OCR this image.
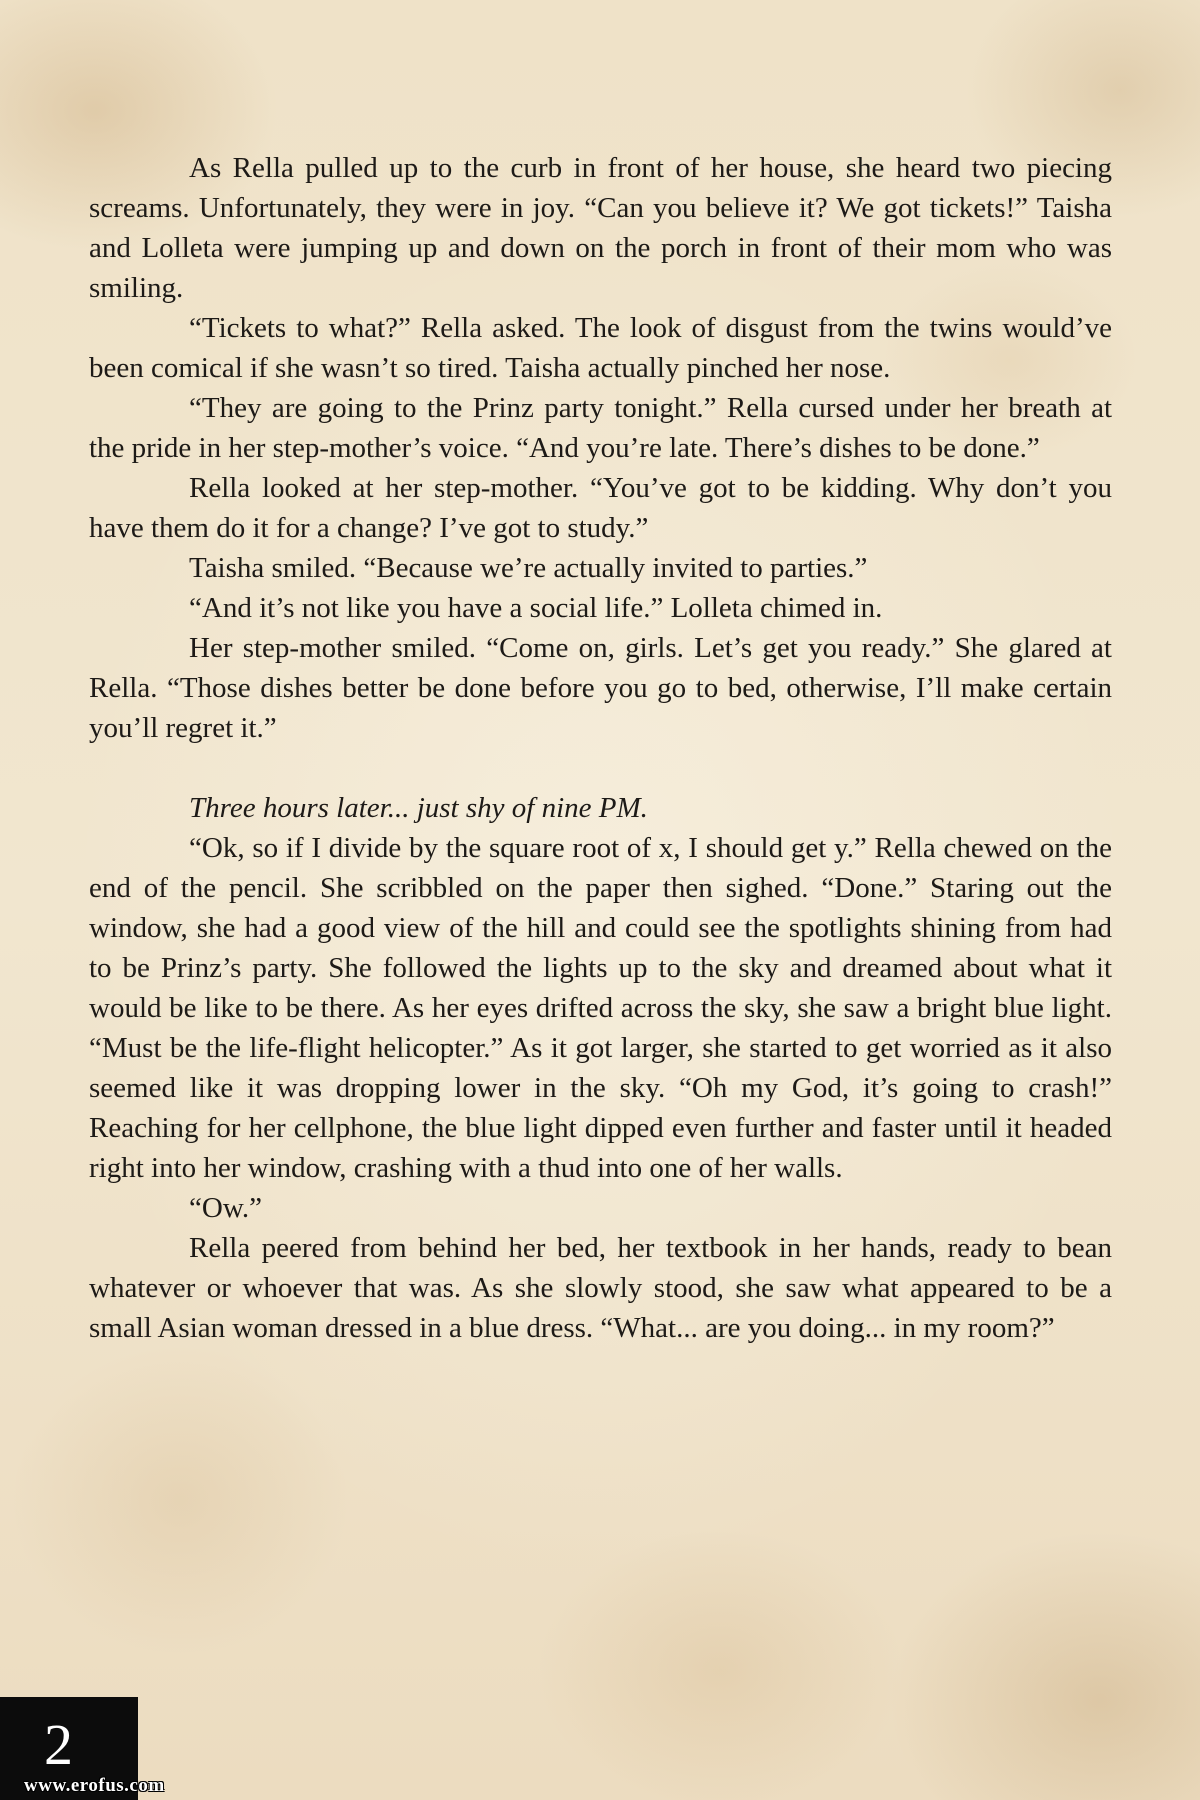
As Rella pulled up to the curb in front of her house, she heard two piecing screams. Unfortunately, they were in joy. “Can you believe it? We got tickets!” Taisha and Lolleta were jumping up and down on the porch in front of their mom who was smiling.

“Tickets to what?” Rella asked. The look of disgust from the twins would’ve been comical if she wasn’t so tired. Taisha actually pinched her nose.

“They are going to the Prinz party tonight.” Rella cursed under her breath at the pride in her step-mother’s voice. “And you’re late. There’s dishes to be done.”

Rella looked at her step-mother. “You’ve got to be kidding. Why don’t you have them do it for a change? I’ve got to study.”

Taisha smiled. “Because we’re actually invited to parties.”

“And it’s not like you have a social life.” Lolleta chimed in.

Her step-mother smiled. “Come on, girls. Let’s get you ready.” She glared at Rella. “Those dishes better be done before you go to bed, otherwise, I’ll make certain you’ll regret it.”

Three hours later... just shy of nine PM.

“Ok, so if I divide by the square root of x, I should get y.” Rella chewed on the end of the pencil. She scribbled on the paper then sighed. “Done.” Staring out the window, she had a good view of the hill and could see the spotlights shining from had to be Prinz’s party. She followed the lights up to the sky and dreamed about what it would be like to be there. As her eyes drifted across the sky, she saw a bright blue light. “Must be the life-flight helicopter.” As it got larger, she started to get worried as it also seemed like it was dropping lower in the sky. “Oh my God, it’s going to crash!” Reaching for her cellphone, the blue light dipped even further and faster until it headed right into her window, crashing with a thud into one of her walls.

“Ow.”

Rella peered from behind her bed, her textbook in her hands, ready to bean whatever or whoever that was. As she slowly stood, she saw what appeared to be a small Asian woman dressed in a blue dress. “What... are you doing... in my room?”

2
www.erofus.com
